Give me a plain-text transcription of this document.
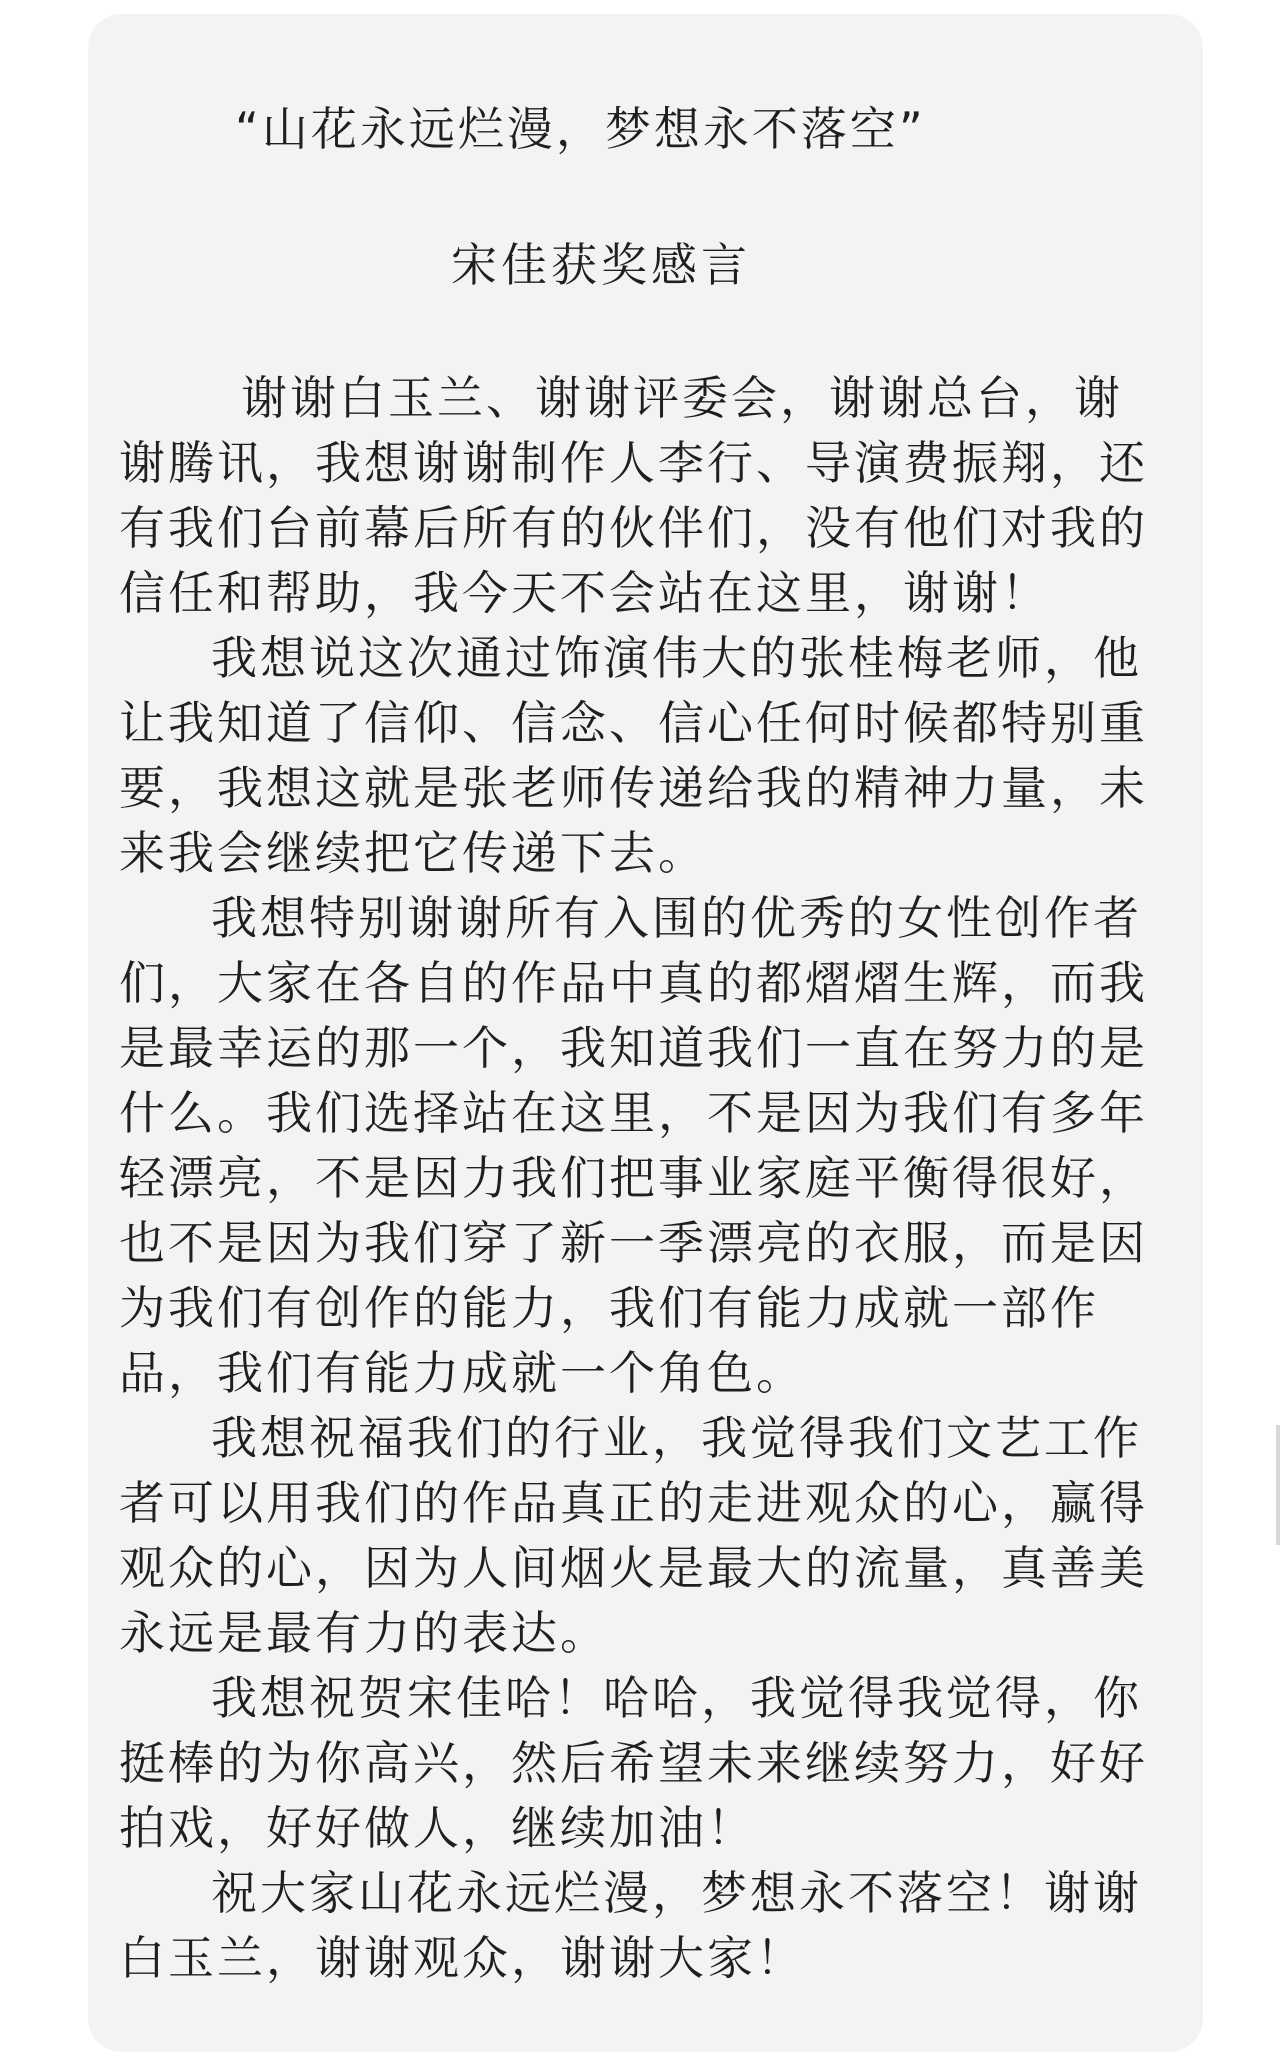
“山花永远烂漫，梦想永不落空”
宋佳获奖感言

谢谢白玉兰、谢谢评委会，谢谢总台，谢谢腾讯，我想谢谢制作人李行、导演费振翔，还有我们台前幕后所有的伙伴们，没有他们对我的信任和帮助，我今天不会站在这里，谢谢！

我想说这次通过饰演伟大的张桂梅老师，他让我知道了信仰、信念、信心任何时候都特别重要，我想这就是张老师传递给我的精神力量，未来我会继续把它传递下去。

我想特别谢谢所有入围的优秀的女性创作者们，大家在各自的作品中真的都熠熠生辉，而我是最幸运的那一个，我知道我们一直在努力的是什么。我们选择站在这里，不是因为我们有多年轻漂亮，不是因力我们把事业家庭平衡得很好，也不是因为我们穿了新一季漂亮的衣服，而是因为我们有创作的能力，我们有能力成就一部作品，我们有能力成就一个角色。

我想祝福我们的行业，我觉得我们文艺工作者可以用我们的作品真正的走进观众的心，赢得观众的心，因为人间烟火是最大的流量，真善美永远是最有力的表达。

我想祝贺宋佳哈！哈哈，我觉得我觉得，你挺棒的为你高兴，然后希望未来继续努力，好好拍戏，好好做人，继续加油！

祝大家山花永远烂漫，梦想永不落空！谢谢白玉兰，谢谢观众，谢谢大家！
